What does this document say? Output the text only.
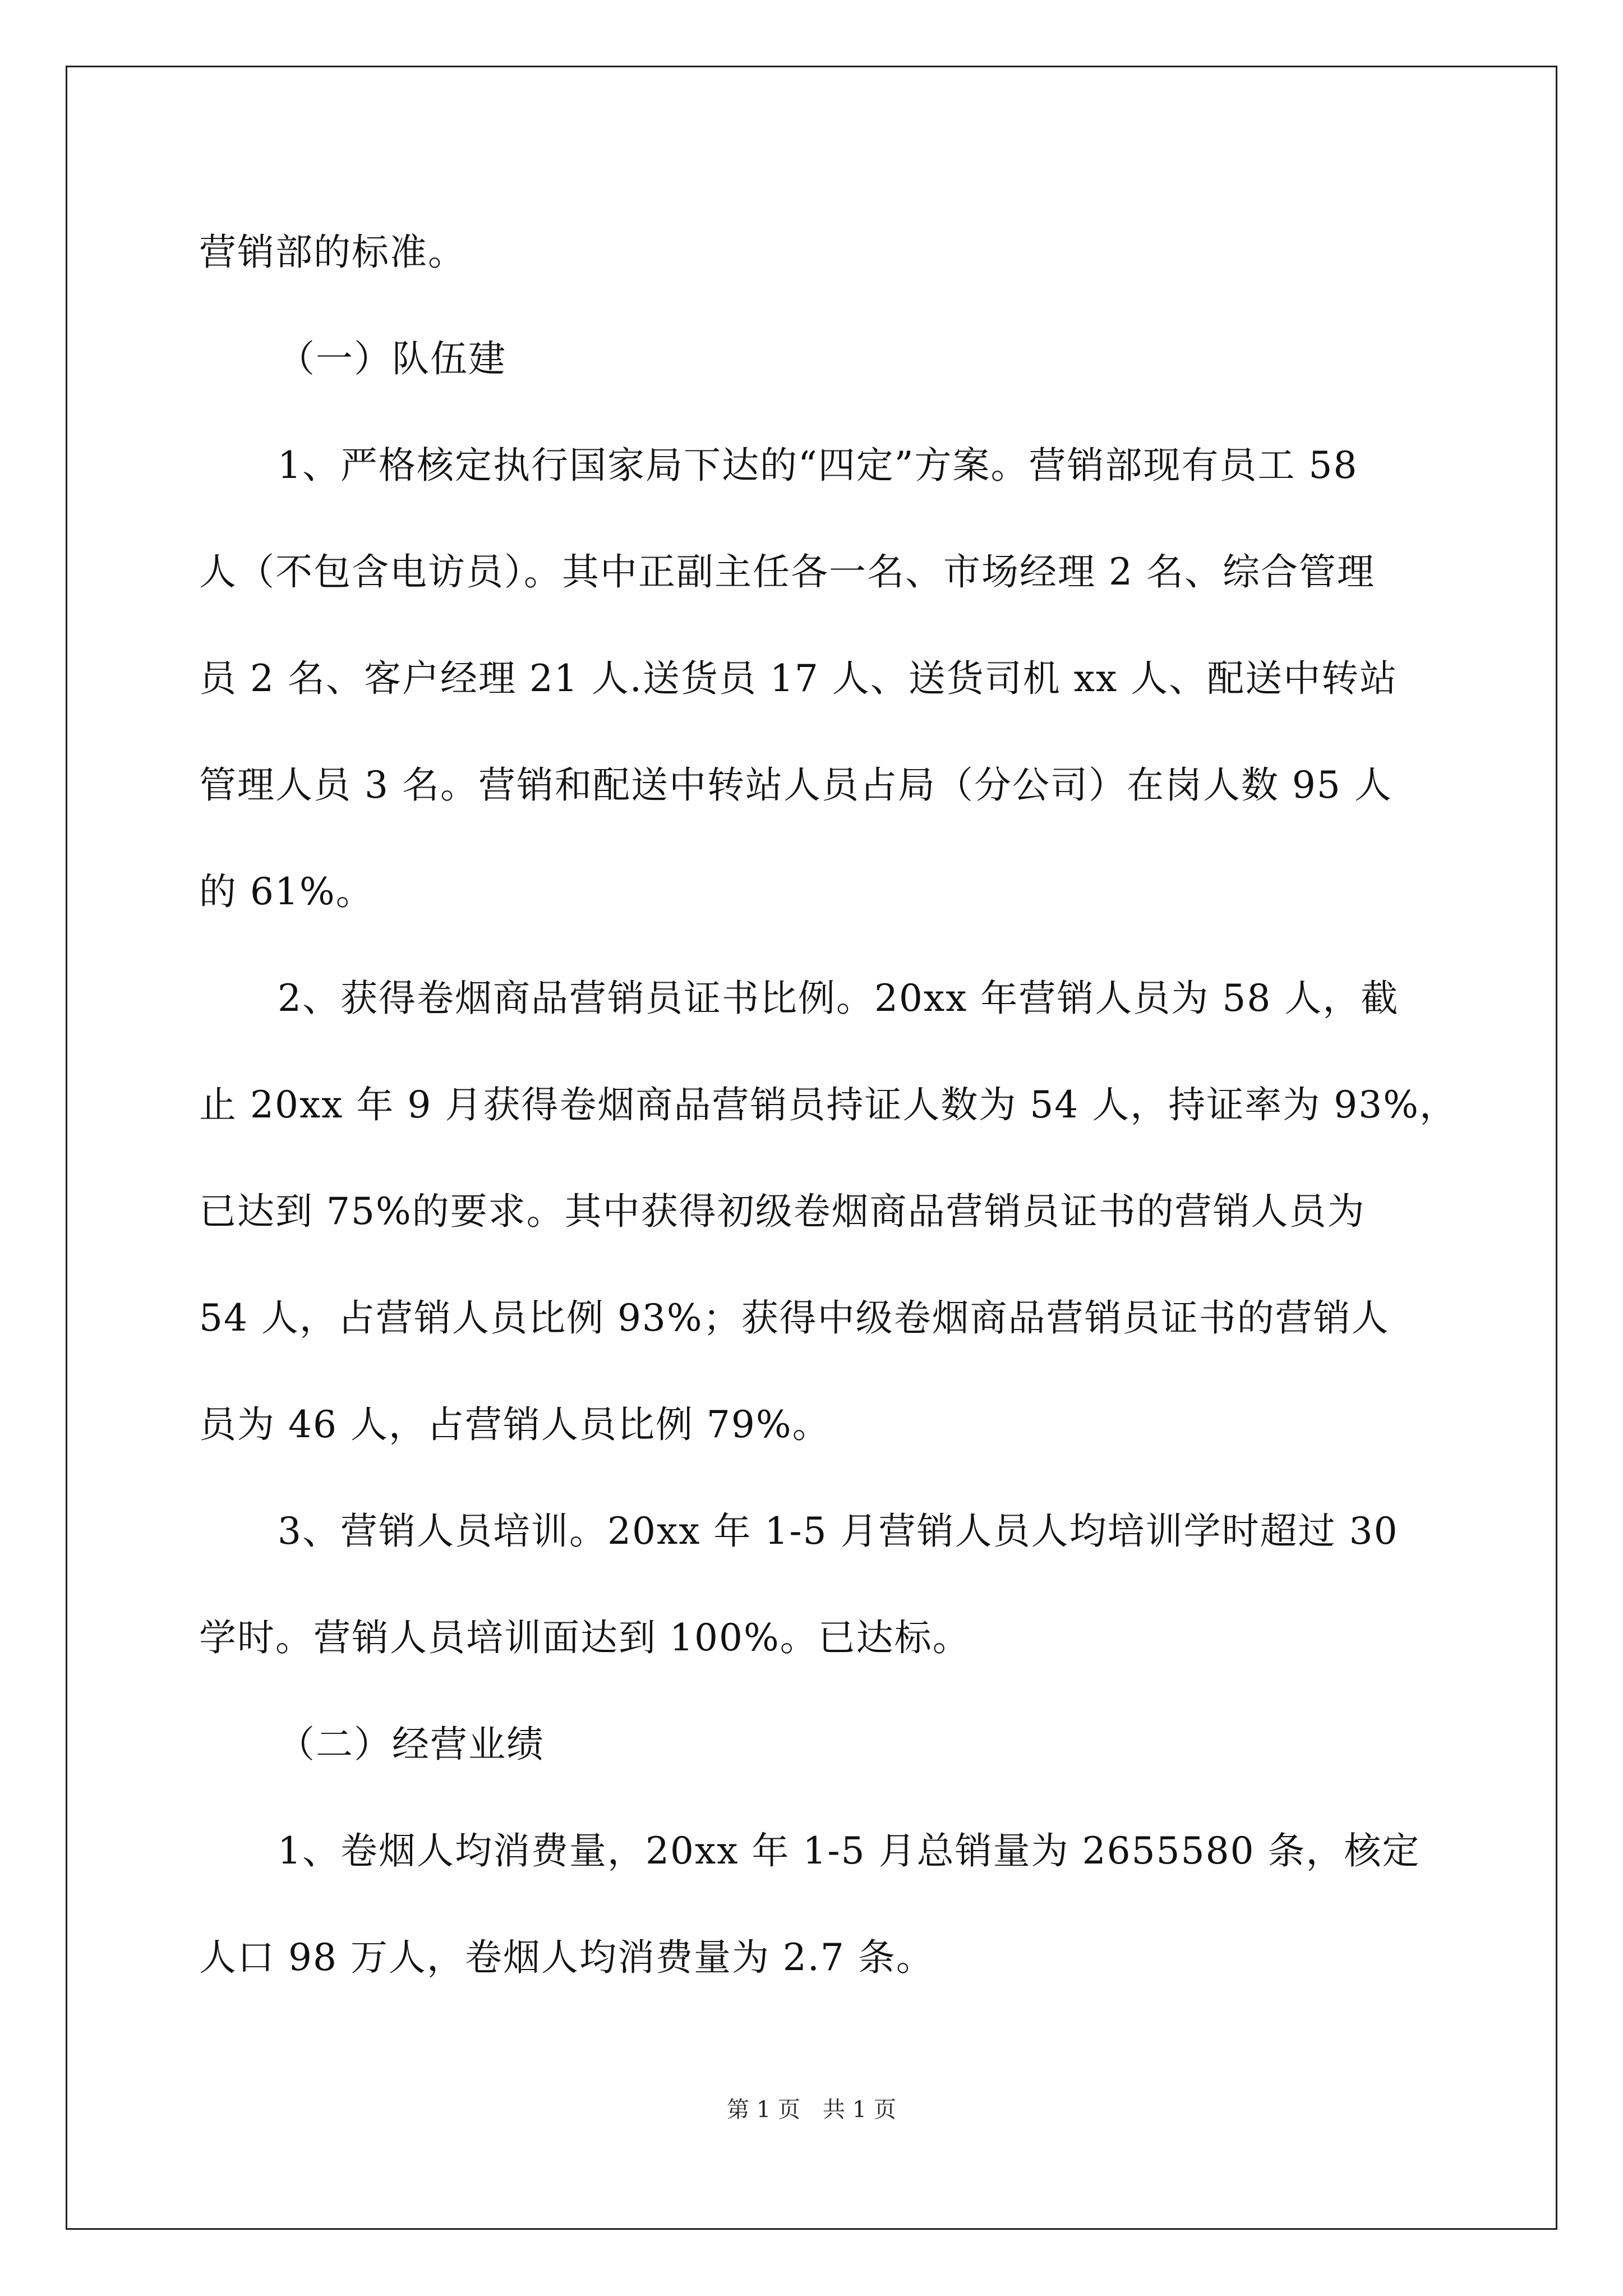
营销部的标准。
（一）队伍建
1、严格核定执行国家局下达的“四定”方案。营销部现有员工 58
人（不包含电访员）。其中正副主任各一名、市场经理 2 名、综合管理
员 2 名、客户经理 21 人.送货员 17 人、送货司机 xx 人、配送中转站
管理人员 3 名。营销和配送中转站人员占局（分公司）在岗人数 95 人
的 61%。
2、获得卷烟商品营销员证书比例。20xx 年营销人员为 58 人，截
止 20xx 年 9 月获得卷烟商品营销员持证人数为 54 人，持证率为 93%，
已达到 75%的要求。其中获得初级卷烟商品营销员证书的营销人员为
54 人，占营销人员比例 93%；获得中级卷烟商品营销员证书的营销人
员为 46 人，占营销人员比例 79%。
3、营销人员培训。20xx 年 1-5 月营销人员人均培训学时超过 30
学时。营销人员培训面达到 100%。已达标。
（二）经营业绩
1、卷烟人均消费量，20xx 年 1-5 月总销量为 2655580 条，核定
人口 98 万人，卷烟人均消费量为 2.7 条。
第 1 页　共 1 页
